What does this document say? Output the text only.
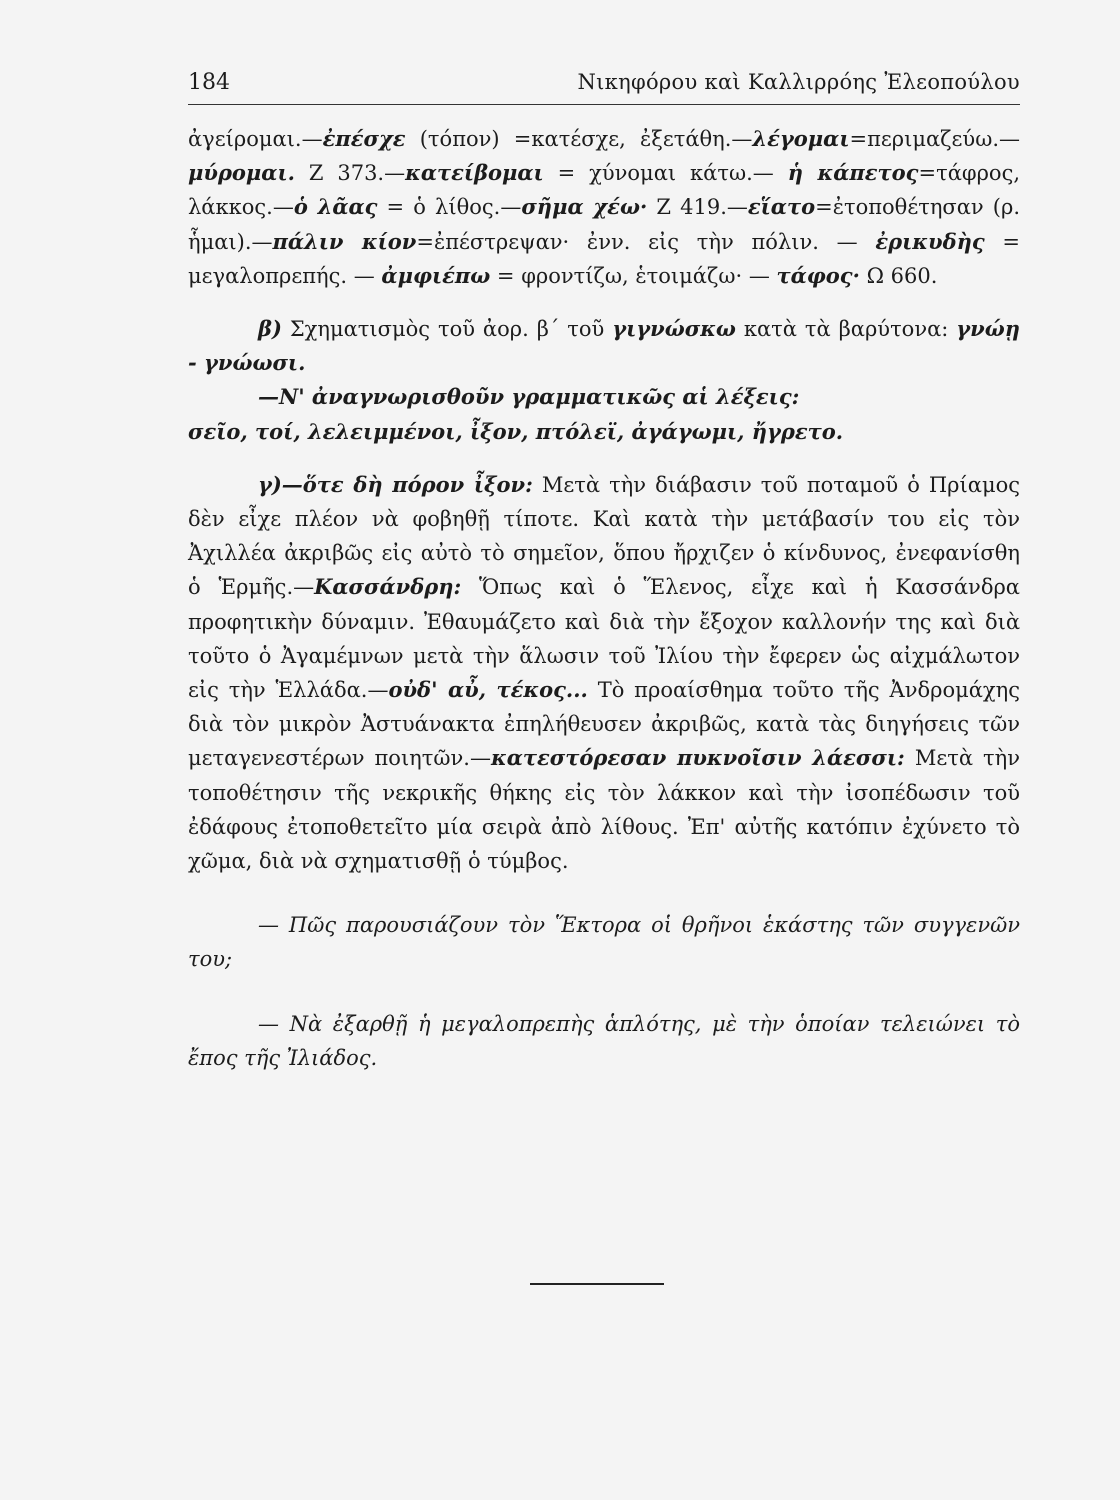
184	Νικηφόρου καὶ Καλλιρρόης Ἐλεοπούλου

ἀγείρομαι.—ἐπέσχε (τόπον) =κατέσχε, ἐξετάθη.—λέγομαι=περιμαζεύω.—μύρομαι. Ζ 373.—κατείβομαι = χύνομαι κάτω.— ἡ κάπετος=τάφρος, λάκκος.—ὁ λᾶας = ὁ λίθος.—σῆμα χέω· Ζ 419.—εἵατο=ἐτοποθέτησαν (ρ. ἧμαι).—πάλιν κίον=ἐπέστρεψαν· ἐνν. εἰς τὴν πόλιν. — ἐρικυδὴς = μεγαλοπρεπής. — ἀμφιέπω = φροντίζω, ἑτοιμάζω· — τάφος· Ω 660.

β) Σχηματισμὸς τοῦ ἀορ. β΄ τοῦ γιγνώσκω κατὰ τὰ βαρύτονα: γνώῃ - γνώωσι.

—Ν' ἀναγνωρισθοῦν γραμματικῶς αἱ λέξεις:

σεῖο, τοί, λελειμμένοι, ἶξον, πτόλεϊ, ἀγάγωμι, ἤγρετο.

γ)—ὅτε δὴ πόρον ἶξον: Μετὰ τὴν διάβασιν τοῦ ποταμοῦ ὁ Πρίαμος δὲν εἶχε πλέον νὰ φοβηθῇ τίποτε. Καὶ κατὰ τὴν μετάβασίν του εἰς τὸν Ἀχιλλέα ἀκριβῶς εἰς αὐτὸ τὸ σημεῖον, ὅπου ἤρχιζεν ὁ κίνδυνος, ἐνεφανίσθη ὁ Ἑρμῆς.—Κασσάνδρη: Ὅπως καὶ ὁ Ἕλενος, εἶχε καὶ ἡ Κασσάνδρα προφητικὴν δύναμιν. Ἐθαυμάζετο καὶ διὰ τὴν ἔξοχον καλλονήν της καὶ διὰ τοῦτο ὁ Ἀγαμέμνων μετὰ τὴν ἅλωσιν τοῦ Ἰλίου τὴν ἔφερεν ὡς αἰχμάλωτον εἰς τὴν Ἑλλάδα.—οὐδ' αὖ, τέκος... Τὸ προαίσθημα τοῦτο τῆς Ἀνδρομάχης διὰ τὸν μικρὸν Ἀστυάνακτα ἐπηλήθευσεν ἀκριβῶς, κατὰ τὰς διηγήσεις τῶν μεταγενεστέρων ποιητῶν.—κατεστόρεσαν πυκνοῖσιν λάεσσι: Μετὰ τὴν τοποθέτησιν τῆς νεκρικῆς θήκης εἰς τὸν λάκκον καὶ τὴν ἰσοπέδωσιν τοῦ ἐδάφους ἐτοποθετεῖτο μία σειρὰ ἀπὸ λίθους. Ἐπ' αὐτῆς κατόπιν ἐχύνετο τὸ χῶμα, διὰ νὰ σχηματισθῇ ὁ τύμβος.

— Πῶς παρουσιάζουν τὸν Ἕκτορα οἱ θρῆνοι ἑκάστης τῶν συγγενῶν του;

— Νὰ ἐξαρθῇ ἡ μεγαλοπρεπὴς ἁπλότης, μὲ τὴν ὁποίαν τελειώνει τὸ ἔπος τῆς Ἰλιάδος.
